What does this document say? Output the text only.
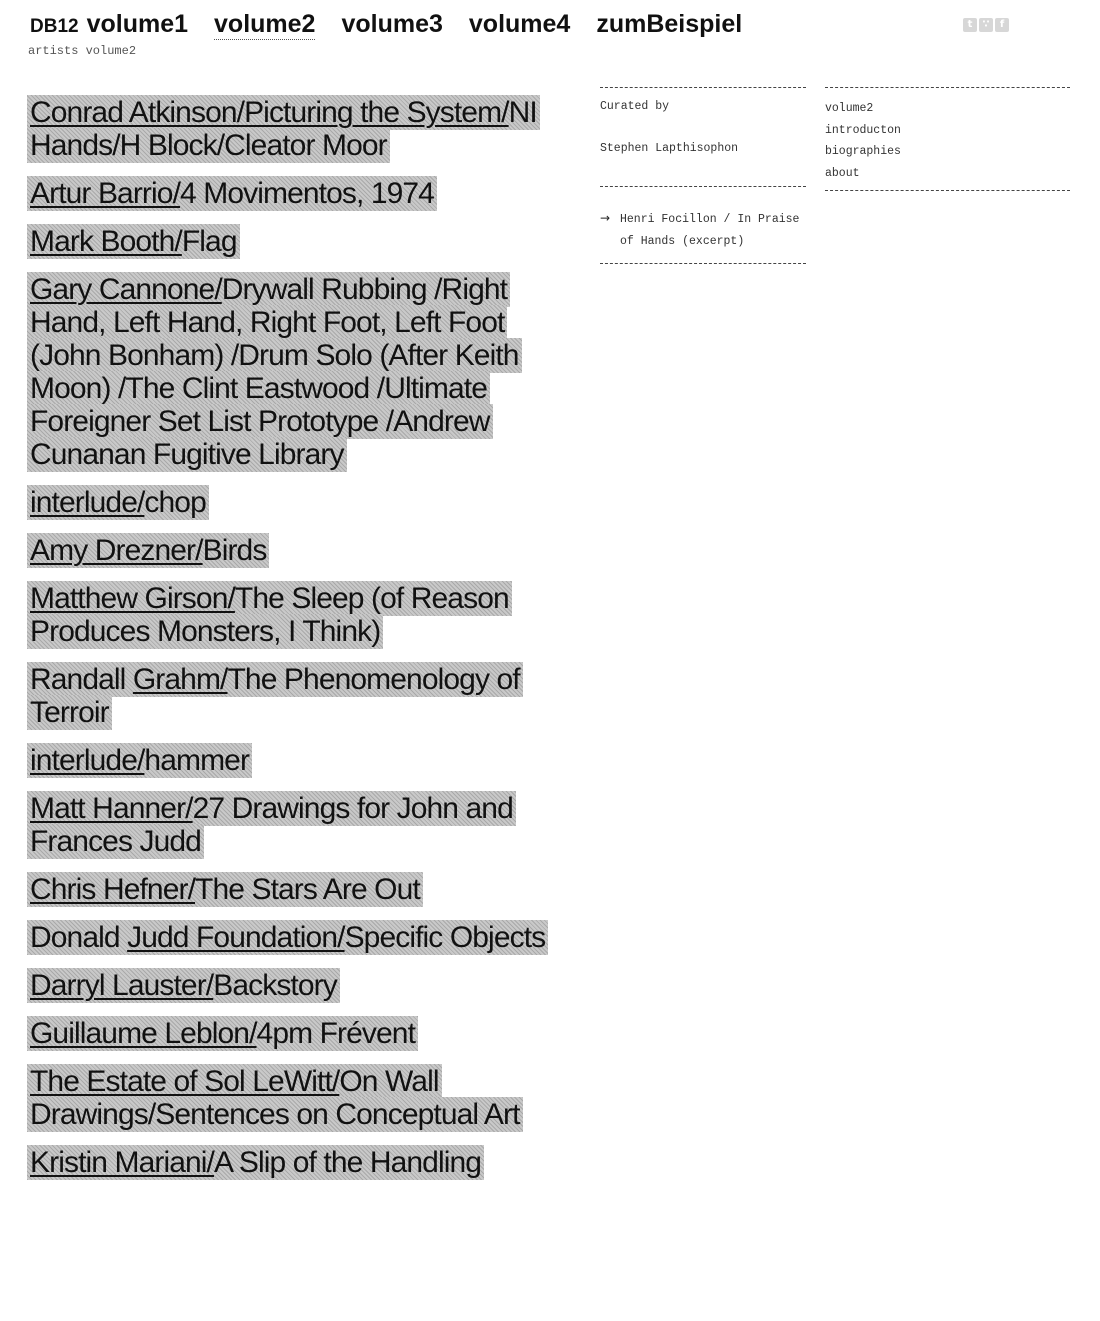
DB12 volume1 volume2 volume3 volume4 zumBeispiel	t	∵	f
artists volume2
Conrad Atkinson/Picturing the System/NI Hands/H Block/Cleator Moor
Artur Barrio/4 Movimentos, 1974
Mark Booth/Flag
Gary Cannone/Drywall Rubbing /Right Hand, Left Hand, Right Foot, Left Foot (John Bonham) /Drum Solo (After Keith Moon) /The Clint Eastwood /Ultimate Foreigner Set List Prototype /Andrew Cunanan Fugitive Library
interlude/chop
Amy Drezner/Birds
Matthew Girson/The Sleep (of Reason Produces Monsters, I Think)
Randall Grahm/The Phenomenology of Terroir
interlude/hammer
Matt Hanner/27 Drawings for John and Frances Judd
Chris Hefner/The Stars Are Out
Donald Judd Foundation/Specific Objects
Darryl Lauster/Backstory
Guillaume Leblon/4pm Frévent
The Estate of Sol LeWitt/On Wall Drawings/Sentences on Conceptual Art
Kristin Mariani/A Slip of the Handling
Curated by
Stephen Lapthisophon
→ Henri Focillon / In Praise of Hands (excerpt)
volume2
introducton
biographies
about
